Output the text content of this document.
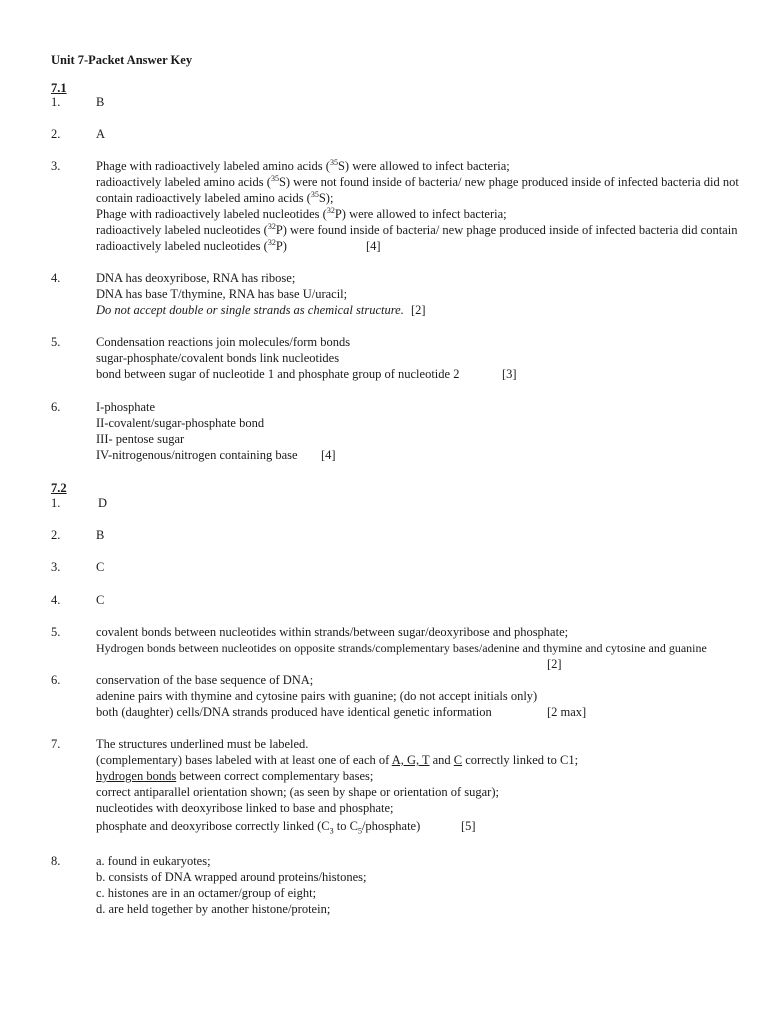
Unit 7-Packet Answer Key
7.1
1.	B
2.	A
3.	Phage with radioactively labeled amino acids ($^{35}$S) were allowed to infect bacteria;
radioactively labeled amino acids ($^{35}$S) were not found inside of bacteria/ new phage produced inside of infected bacteria did not
contain radioactively labeled amino acids ($^{35}$S);
Phage with radioactively labeled nucleotides ($^{32}$P) were allowed to infect bacteria;
radioactively labeled nucleotides ($^{32}$P) were found inside of bacteria/ new phage produced inside of infected bacteria did contain
radioactively labeled nucleotides ($^{32}$P)	[4]
4.	DNA has deoxyribose, RNA has ribose;
DNA has base T/thymine, RNA has base U/uracil;
Do not accept double or single strands as chemical structure. [2]
5.	Condensation reactions join molecules/form bonds
sugar-phosphate/covalent bonds link nucleotides
bond between sugar of nucleotide 1 and phosphate group of nucleotide 2	[3]
6.	I-phosphate
II-covalent/sugar-phosphate bond
III- pentose sugar
IV-nitrogenous/nitrogen containing base [4]
7.2
1.	D
2.	B
3.	C
4.	C
5.	covalent bonds between nucleotides within strands/between sugar/deoxyribose and phosphate;
Hydrogen bonds between nucleotides on opposite strands/complementary bases/adenine and thymine and cytosine and guanine
[2]
6.	conservation of the base sequence of DNA;
adenine pairs with thymine and cytosine pairs with guanine; (do not accept initials only)
both (daughter) cells/DNA strands produced have identical genetic information	[2 max]
7.	The structures underlined must be labeled.
(complementary) bases labeled with at least one of each of A, G, T and C correctly linked to C1;
hydrogen bonds between correct complementary bases;
correct antiparallel orientation shown; (as seen by shape or orientation of sugar);
nucleotides with deoxyribose linked to base and phosphate;
phosphate and deoxyribose correctly linked ($C_3$ to $C_5/phosphate$)	[5]
8.	a. found in eukaryotes;
b. consists of DNA wrapped around proteins/histones;
c. histones are in an octamer/group of eight;
d. are held together by another histone/protein;
